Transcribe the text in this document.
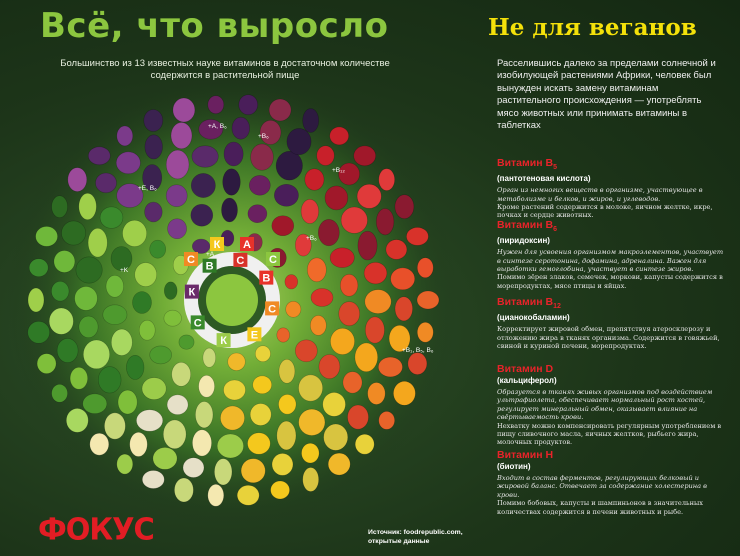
В
С
Е
К
С
К
В С
С
К А
С
+A, B₆
+B₆
+B₁₂
+E, B₆
+K
+A
+B₆
+B₁, B₅, B₆
Всё, что выросло
Большинство из 13 известных науке витаминов в достаточном количестве содержится в растительной пище
Не для веганов
Расселившись далеко за пределами солнечной и изобилующей растениями Африки, человек был вынужден искать замену витаминам растительного происхождения — употреблять мясо животных или принимать витамины в таблетках
Витамин $B_5$
(пантотеновая кислота)
Орган из немногих веществ в организме, участвующее в метаболизме и белков, и жиров, и углеводов.
Кроме растений содержится в молоке, яичном желтке, икре, почках и сердце животных.
Витамин $B_6$
(пиридоксин)
Нужен для усвоения организмом макроэлементов, участвует в синтезе серотонина, дофамина, адреналина. Важен для выработки гемоглобина, участвует в синтезе жиров.
Помимо зёрен злаков, семечек, моркови, капусты содержится в морепродуктах, мясе птицы и яйцах.
Витамин $B_{12}$
(цианокобаламин)
Корректирует жировой обмен, препятствуя атеросклерозу и отложению жира в тканях организма. Содержится в говяжьей, свиной и куриной печени, морепродуктах.
Витамин D
(кальциферол)
Образуется в тканях живых организмов под воздействием ультрафиолета, обеспечивает нормальный рост костей, регулирует минеральный обмен, оказывает влияние на свёртываемость крови.
Нехватку можно компенсировать регулярным употреблением в пищу сливочного масла, яичных желтков, рыбьего жира, молочных продуктов.
Витамин H
(биотин)
Входит в состав ферментов, регулирующих белковый и жировой баланс. Отвечает за содержание холестерина в крови.
Помимо бобовых, капусты и шампиньонов в значительных количествах содержится в печени животных и рыбе.
ФОКУС	Источник: foodrepublic.com,
открытые данные
